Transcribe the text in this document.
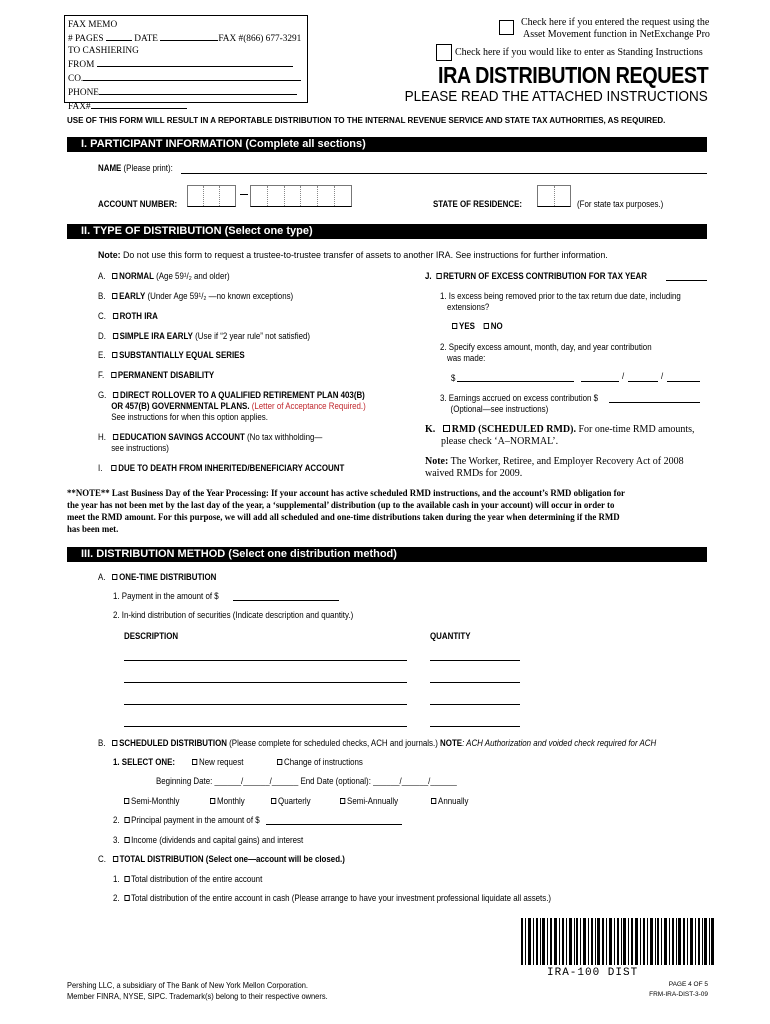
FAX MEMO
# PAGES	DATE	FAX #(866) 677-3291
TO CASHIERING
FROM
CO.
PHONE
FAX#
Check here if you entered the request using the
Asset Movement function in NetExchange Pro
Check here if you would like to enter as Standing Instructions
IRA DISTRIBUTION REQUEST
PLEASE READ THE ATTACHED INSTRUCTIONS
USE OF THIS FORM WILL RESULT IN A REPORTABLE DISTRIBUTION TO THE INTERNAL REVENUE SERVICE AND STATE TAX AUTHORITIES, AS REQUIRED.
I. PARTICIPANT INFORMATION (Complete all sections)
NAME (Please print):
ACCOUNT NUMBER:	STATE OF RESIDENCE:	(For state tax purposes.)
II. TYPE OF DISTRIBUTION (Select one type)
Note: Do not use this form to request a trustee-to-trustee transfer of assets to another IRA. See instructions for further information.
A. NORMAL (Age 59¹/₂ and older)
B. EARLY (Under Age 59¹/₂ —no known exceptions)
C. ROTH IRA
D. SIMPLE IRA EARLY (Use if “2 year rule” not satisfied)
E. SUBSTANTIALLY EQUAL SERIES
F. PERMANENT DISABILITY
G. DIRECT ROLLOVER TO A QUALIFIED RETIREMENT PLAN 403(B)
OR 457(B) GOVERNMENTAL PLANS. (Letter of Acceptance Required.)
See instructions for when this option applies.
H. EDUCATION SAVINGS ACCOUNT (No tax withholding—
see instructions)
I. DUE TO DEATH FROM INHERITED/BENEFICIARY ACCOUNT
J. RETURN OF EXCESS CONTRIBUTION FOR TAX YEAR
1. Is excess being removed prior to the tax return due date, including
extensions?
YES NO
2. Specify excess amount, month, day, and year contribution
was made:
$	/	/
3. Earnings accrued on excess contribution $
(Optional—see instructions)
K. RMD (SCHEDULED RMD). For one-time RMD amounts,
please check ‘A–NORMAL’.
Note: The Worker, Retiree, and Employer Recovery Act of 2008
waived RMDs for 2009.
**NOTE** Last Business Day of the Year Processing: If your account has active scheduled RMD instructions, and the account’s RMD obligation for
the year has not been met by the last day of the year, a ‘supplemental’ distribution (up to the available cash in your account) will occur in order to
meet the RMD amount. For this purpose, we will add all scheduled and one-time distributions taken during the year when determining if the RMD
has been met.
III. DISTRIBUTION METHOD (Select one distribution method)
A. ONE-TIME DISTRIBUTION
1. Payment in the amount of $
2. In-kind distribution of securities (Indicate description and quantity.)
DESCRIPTION	QUANTITY
B. SCHEDULED DISTRIBUTION (Please complete for scheduled checks, ACH and journals.) NOTE: ACH Authorization and voided check required for ACH
1. SELECT ONE:	New request	Change of instructions
Beginning Date: ______/______/______ End Date (optional): ______/______/______
Semi-Monthly	Monthly	Quarterly	Semi-Annually	Annually
2. Principal payment in the amount of $
3. Income (dividends and capital gains) and interest
C. TOTAL DISTRIBUTION (Select one—account will be closed.)
1. Total distribution of the entire account
2. Total distribution of the entire account in cash (Please arrange to have your investment professional liquidate all assets.)
IRA-100 DIST
Pershing LLC, a subsidiary of The Bank of New York Mellon Corporation.
Member FINRA, NYSE, SIPC. Trademark(s) belong to their respective owners.
PAGE 4 OF 5
FRM-IRA-DIST-3-09
